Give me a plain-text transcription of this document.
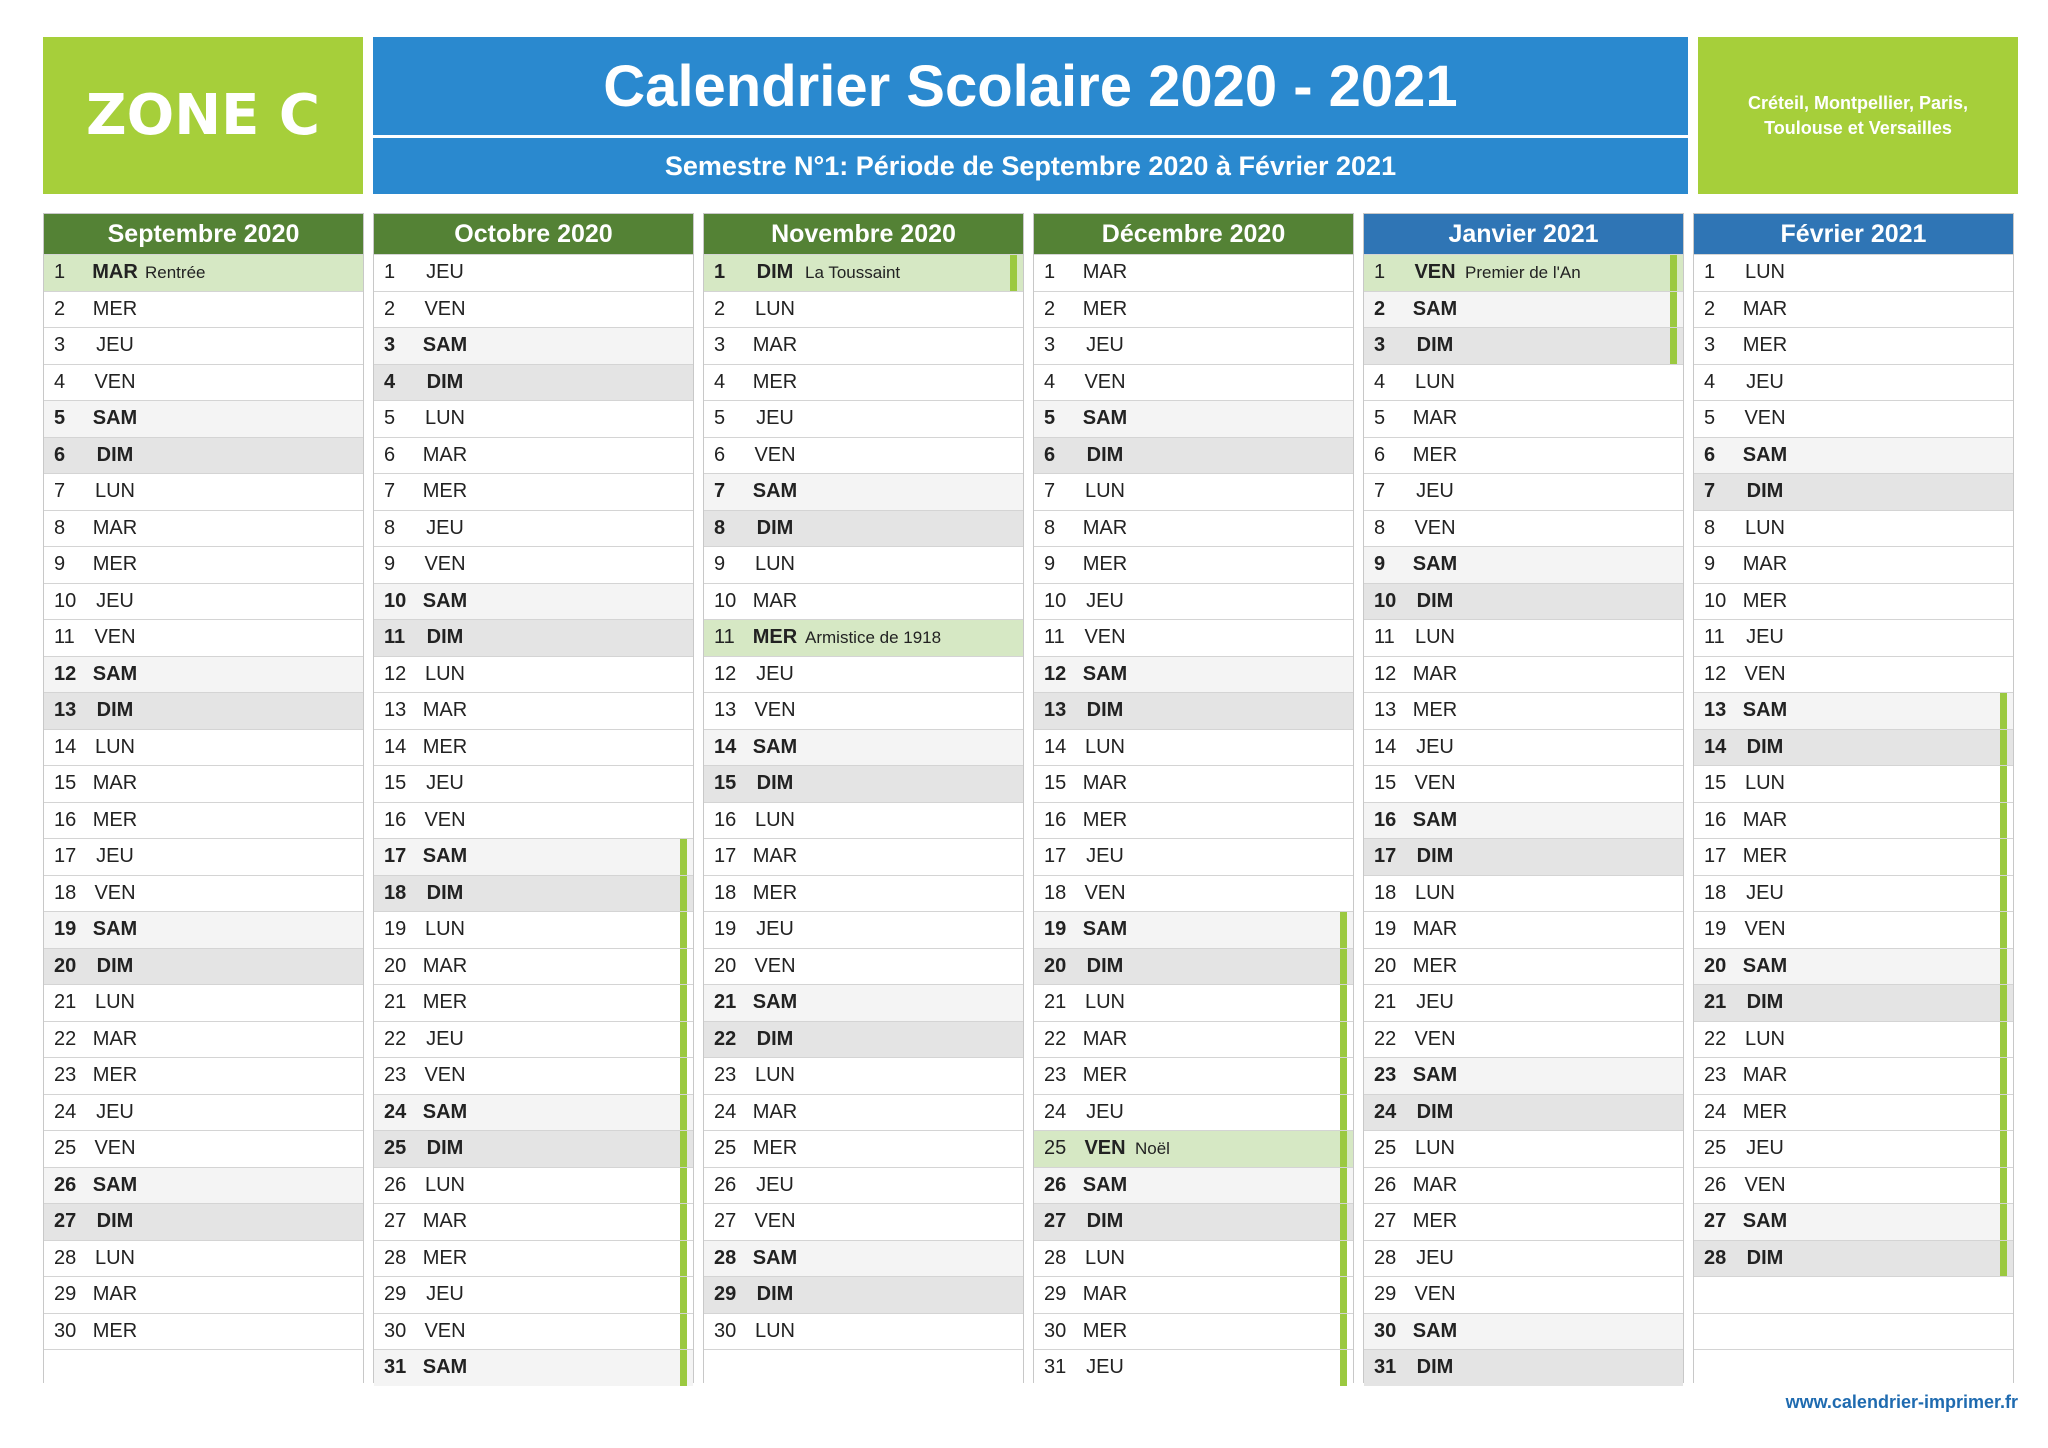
ZONE C	Calendrier Scolaire 2020 - 2021
Semestre N°1: Période de Septembre 2020 à Février 2021
Créteil, Montpellier, Paris, Toulouse et Versailles
Septembre 2020
1	MAR Rentrée
2	MER
3	JEU
4	VEN
5	SAM
6	DIM
7	LUN
8	MAR
9	MER
10 JEU
11 VEN
12 SAM
13	DIM
14 LUN
15 MAR
16 MER
17 JEU
18 VEN
19 SAM
20	DIM
21 LUN
22 MAR
23 MER
24 JEU
25 VEN
26 SAM
27	DIM
28 LUN
29 MAR
30 MER
Octobre 2020
1	JEU
2	VEN
3	SAM
4	DIM
5	LUN
6	MAR
7	MER
8	JEU
9	VEN
10 SAM
11	DIM
12 LUN
13 MAR
14 MER
15 JEU
16 VEN
17 SAM
18	DIM
19 LUN
20 MAR
21 MER
22 JEU
23 VEN
24 SAM
25	DIM
26 LUN
27 MAR
28 MER
29 JEU
30 VEN
31 SAM
Novembre 2020
1	DIM La Toussaint
2	LUN
3	MAR
4	MER
5	JEU
6	VEN
7	SAM
8	DIM
9	LUN
10 MAR
11 MER Armistice de 1918
12 JEU
13 VEN
14 SAM
15	DIM
16 LUN
17 MAR
18 MER
19 JEU
20 VEN
21 SAM
22	DIM
23 LUN
24 MAR
25 MER
26 JEU
27 VEN
28 SAM
29	DIM
30 LUN
Décembre 2020
1	MAR
2	MER
3	JEU
4	VEN
5	SAM
6	DIM
7	LUN
8	MAR
9	MER
10 JEU
11 VEN
12 SAM
13	DIM
14 LUN
15 MAR
16 MER
17 JEU
18 VEN
19 SAM
20	DIM
21 LUN
22 MAR
23 MER
24 JEU
25 VEN Noël
26 SAM
27	DIM
28 LUN
29 MAR
30 MER
31 JEU
Janvier 2021
1	VEN Premier de l'An
2	SAM
3	DIM
4	LUN
5	MAR
6	MER
7	JEU
8	VEN
9	SAM
10	DIM
11	LUN
12 MAR
13 MER
14 JEU
15 VEN
16 SAM
17	DIM
18 LUN
19 MAR
20 MER
21 JEU
22 VEN
23 SAM
24	DIM
25 LUN
26 MAR
27 MER
28 JEU
29 VEN
30 SAM
31	DIM
Février 2021
1	LUN
2	MAR
3	MER
4	JEU
5	VEN
6	SAM
7	DIM
8	LUN
9	MAR
10 MER
11	JEU
12 VEN
13 SAM
14	DIM
15 LUN
16 MAR
17 MER
18 JEU
19 VEN
20 SAM
21	DIM
22 LUN
23 MAR
24 MER
25 JEU
26 VEN
27 SAM
28	DIM
www.calendrier-imprimer.fr
